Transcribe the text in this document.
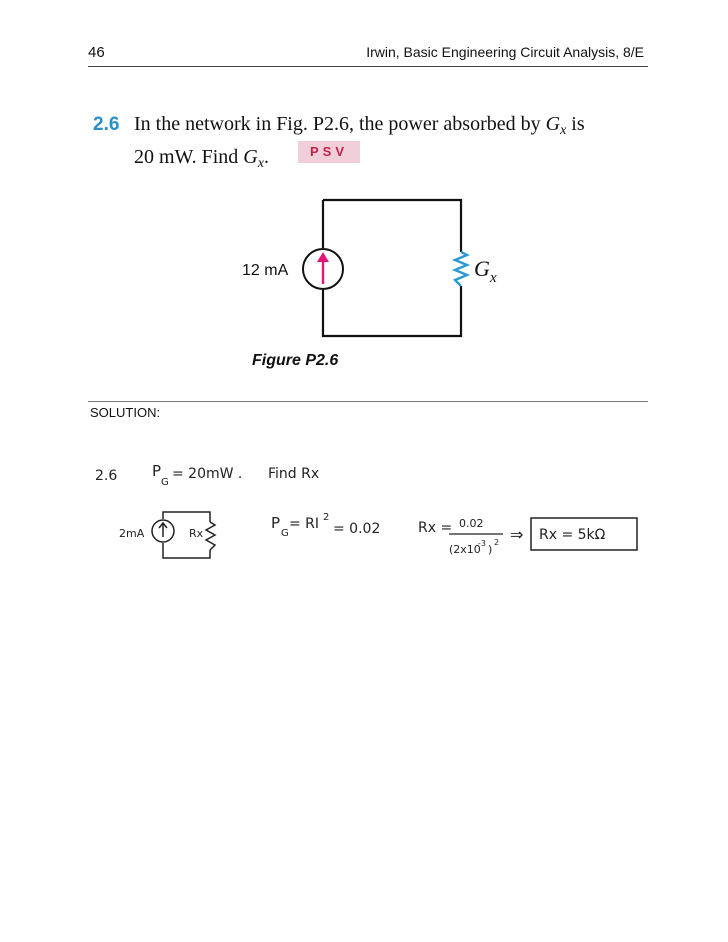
46	Irwin, Basic Engineering Circuit Analysis, 8/E
2.6 In the network in Fig. P2.6, the power absorbed by $G_x$ is
20 mW. Find $G_x$.	PSV
12 mA	G x
Figure P2.6
SOLUTION:
2.6 P
G
= 20mW . Find Rx
2mA	Rx
P
G
= RI 2
= 0.02	Rx = 0.02
(2x10
-3 )
2 ⇒ Rx = 5kΩ
